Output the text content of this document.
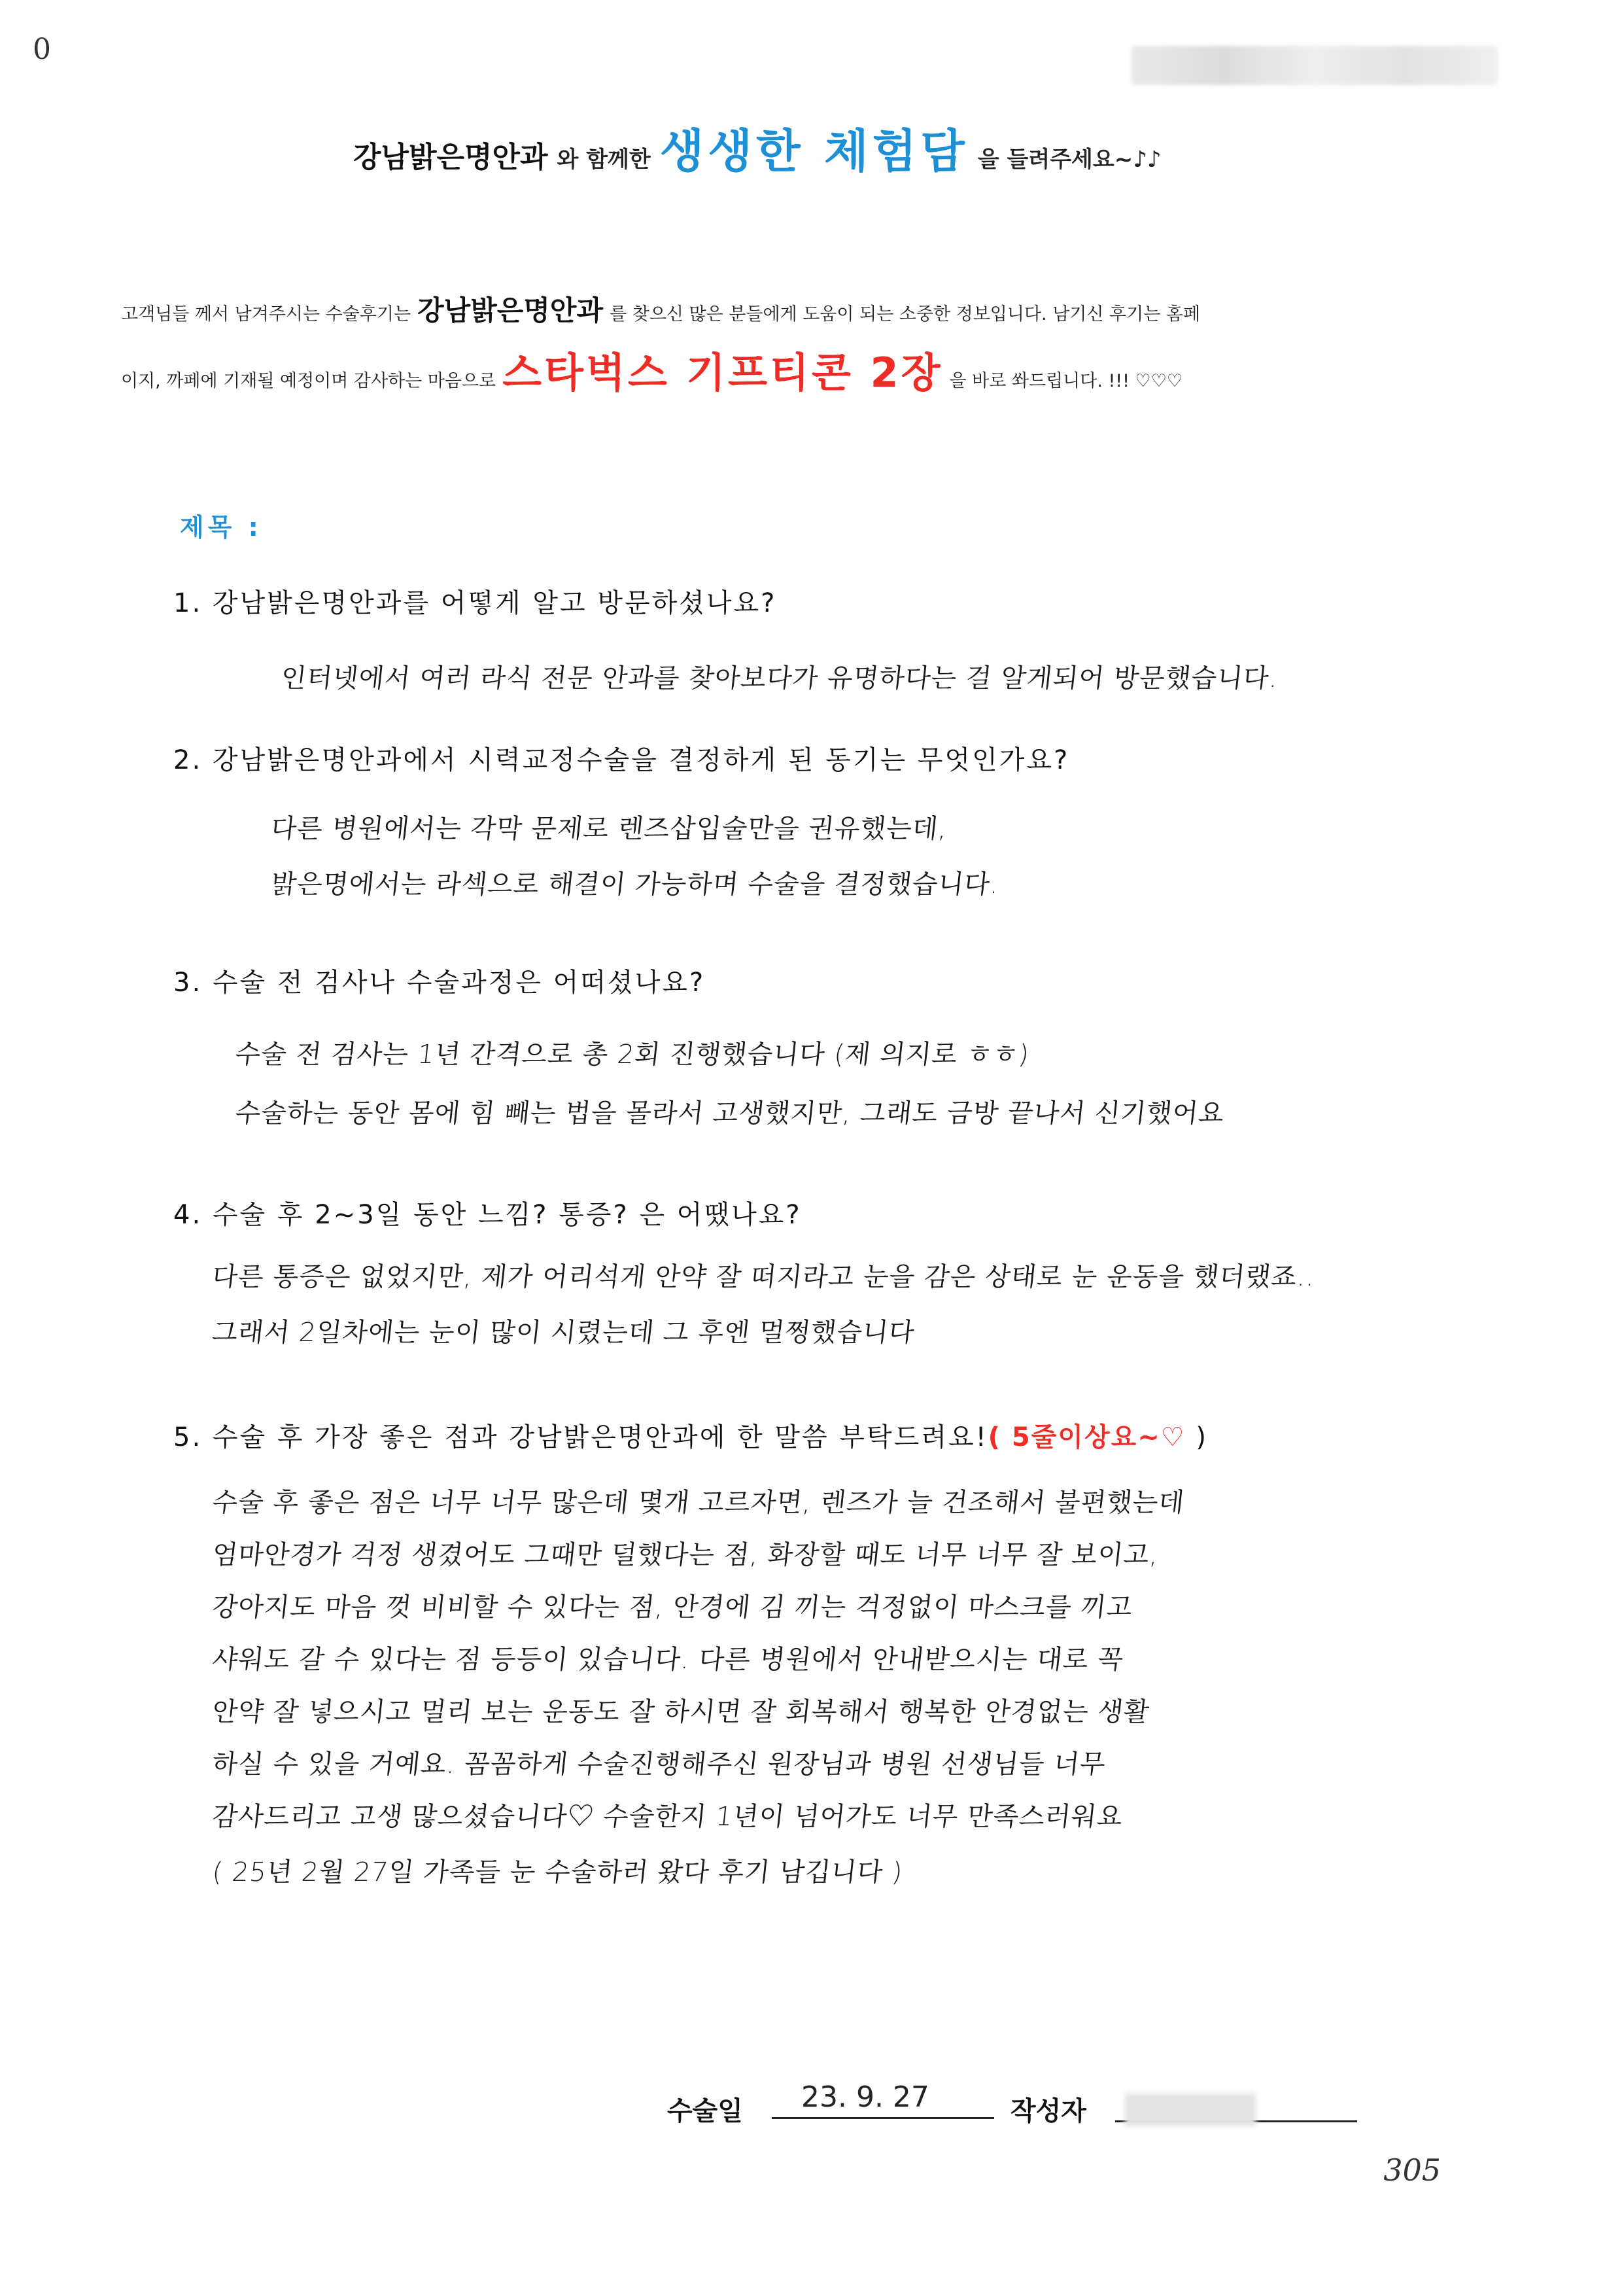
0
강남밝은명안과 와 함께한 생생한 체험담 을 들려주세요~♪♪
고객님들 께서 남겨주시는 수술후기는 강남밝은명안과 를 찾으신 많은 분들에게 도움이 되는 소중한 정보입니다. 남기신 후기는 홈페
이지, 까페에 기재될 예정이며 감사하는 마음으로 스타벅스 기프티콘 2장 을 바로 쏴드립니다. !!! ♡♡♡
제목 :
1. 강남밝은명안과를 어떻게 알고 방문하셨나요?
인터넷에서 여러 라식 전문 안과를 찾아보다가 유명하다는 걸 알게되어 방문했습니다.
2. 강남밝은명안과에서 시력교정수술을 결정하게 된 동기는 무엇인가요?
다른 병원에서는 각막 문제로 렌즈삽입술만을 권유했는데,
밝은명에서는 라섹으로 해결이 가능하며 수술을 결정했습니다.
3. 수술 전 검사나 수술과정은 어떠셨나요?
수술 전 검사는 1년 간격으로 총 2회 진행했습니다 (제 의지로 ㅎㅎ)
수술하는 동안 몸에 힘 빼는 법을 몰라서 고생했지만, 그래도 금방 끝나서 신기했어요
4. 수술 후 2~3일 동안 느낌? 통증? 은 어땠나요?
다른 통증은 없었지만, 제가 어리석게 안약 잘 떠지라고 눈을 감은 상태로 눈 운동을 했더랬죠..
그래서 2일차에는 눈이 많이 시렸는데 그 후엔 멀쩡했습니다
5. 수술 후 가장 좋은 점과 강남밝은명안과에 한 말씀 부탁드려요!( 5줄이상요~♡ )
수술 후 좋은 점은 너무 너무 많은데 몇개 고르자면, 렌즈가 늘 건조해서 불편했는데
엄마안경가 걱정 생겼어도 그때만 덜했다는 점, 화장할 때도 너무 너무 잘 보이고,
강아지도 마음 껏 비비할 수 있다는 점, 안경에 김 끼는 걱정없이 마스크를 끼고
샤워도 갈 수 있다는 점 등등이 있습니다. 다른 병원에서 안내받으시는 대로 꼭
안약 잘 넣으시고 멀리 보는 운동도 잘 하시면 잘 회복해서 행복한 안경없는 생활
하실 수 있을 거예요. 꼼꼼하게 수술진행해주신 원장님과 병원 선생님들 너무
감사드리고 고생 많으셨습니다♡ 수술한지 1년이 넘어가도 너무 만족스러워요
( 25년 2월 27일 가족들 눈 수술하러 왔다 후기 남깁니다 )
수술일 23. 9. 27	작성자
305
